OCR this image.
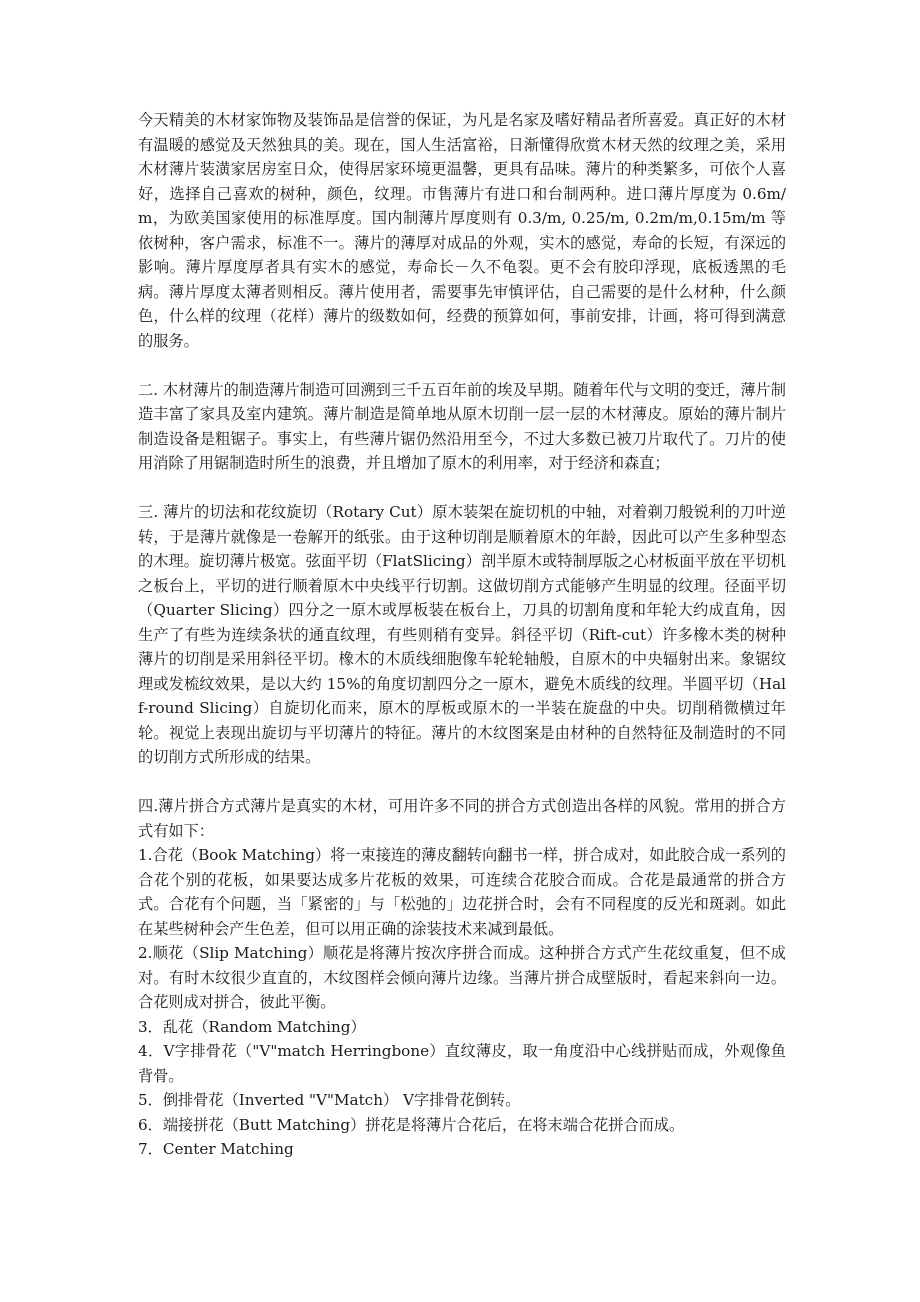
今天精美的木材家饰物及装饰品是信誉的保证，为凡是名家及嗜好精品者所喜爱。真正好的木材有温暖的感觉及天然独具的美。现在，国人生活富裕，日渐懂得欣赏木材天然的纹理之美，采用木材薄片装潢家居房室日众，使得居家环境更温馨，更具有品味。薄片的种类繁多，可依个人喜好，选择自己喜欢的树种，颜色，纹理。市售薄片有进口和台制两种。进口薄片厚度为 0.6m/m，为欧美国家使用的标准厚度。国内制薄片厚度则有 0.3/m, 0.25/m, 0.2m/m,0.15m/m 等依树种，客户需求，标准不一。薄片的薄厚对成品的外观，实木的感觉，寿命的长短，有深远的影响。薄片厚度厚者具有实木的感觉，寿命长－久不龟裂。更不会有胶印浮现，底板透黑的毛病。薄片厚度太薄者则相反。薄片使用者，需要事先审慎评估，自己需要的是什么材种，什么颜色，什么样的纹理（花样）薄片的级数如何，经费的预算如何，事前安排，计画，将可得到满意的服务。

二. 木材薄片的制造薄片制造可回溯到三千五百年前的埃及早期。随着年代与文明的变迁，薄片制造丰富了家具及室内建筑。薄片制造是简单地从原木切削一层一层的木材薄皮。原始的薄片制片制造设备是粗锯子。事实上，有些薄片锯仍然沿用至今，不过大多数已被刀片取代了。刀片的使用消除了用锯制造时所生的浪费，并且增加了原木的利用率，对于经济和森直；

三. 薄片的切法和花纹旋切（Rotary Cut）原木装架在旋切机的中轴，对着剃刀般锐利的刀叶逆转，于是薄片就像是一卷解开的纸张。由于这种切削是顺着原木的年龄，因此可以产生多种型态的木理。旋切薄片极宽。弦面平切（FlatSlicing）剖半原木或特制厚版之心材板面平放在平切机之板台上，平切的进行顺着原木中央线平行切割。这做切削方式能够产生明显的纹理。径面平切（Quarter Slicing）四分之一原木或厚板装在板台上，刀具的切割角度和年轮大约成直角，因生产了有些为连续条状的通直纹理，有些则稍有变异。斜径平切（Rift-cut）许多橡木类的树种薄片的切削是采用斜径平切。橡木的木质线细胞像车轮轮轴般，自原木的中央辐射出来。象锯纹理或发梳纹效果，是以大约 15%的角度切割四分之一原木，避免木质线的纹理。半圆平切（Half-round Slicing）自旋切化而来，原木的厚板或原木的一半装在旋盘的中央。切削稍微横过年轮。视觉上表现出旋切与平切薄片的特征。薄片的木纹图案是由材种的自然特征及制造时的不同的切削方式所形成的结果。

四.薄片拼合方式薄片是真实的木材，可用许多不同的拼合方式创造出各样的风貌。常用的拼合方式有如下：

1.合花（Book Matching）将一束接连的薄皮翻转向翻书一样，拼合成对，如此胶合成一系列的合花个别的花板，如果要达成多片花板的效果，可连续合花胶合而成。合花是最通常的拼合方式。合花有个问题，当「紧密的」与「松弛的」边花拼合时，会有不同程度的反光和斑剥。如此在某些树种会产生色差，但可以用正确的涂装技术来减到最低。

2.顺花（Slip Matching）顺花是将薄片按次序拼合而成。这种拼合方式产生花纹重复，但不成对。有时木纹很少直直的，木纹图样会倾向薄片边缘。当薄片拼合成壁版时，看起来斜向一边。合花则成对拼合，彼此平衡。

3．乱花（Random Matching）

4．V字排骨花（"V"match Herringbone）直纹薄皮，取一角度沿中心线拼贴而成，外观像鱼背骨。

5．倒排骨花（Inverted "V"Match） V字排骨花倒转。

6．端接拼花（Butt Matching）拼花是将薄片合花后，在将末端合花拼合而成。

7．Center Matching
